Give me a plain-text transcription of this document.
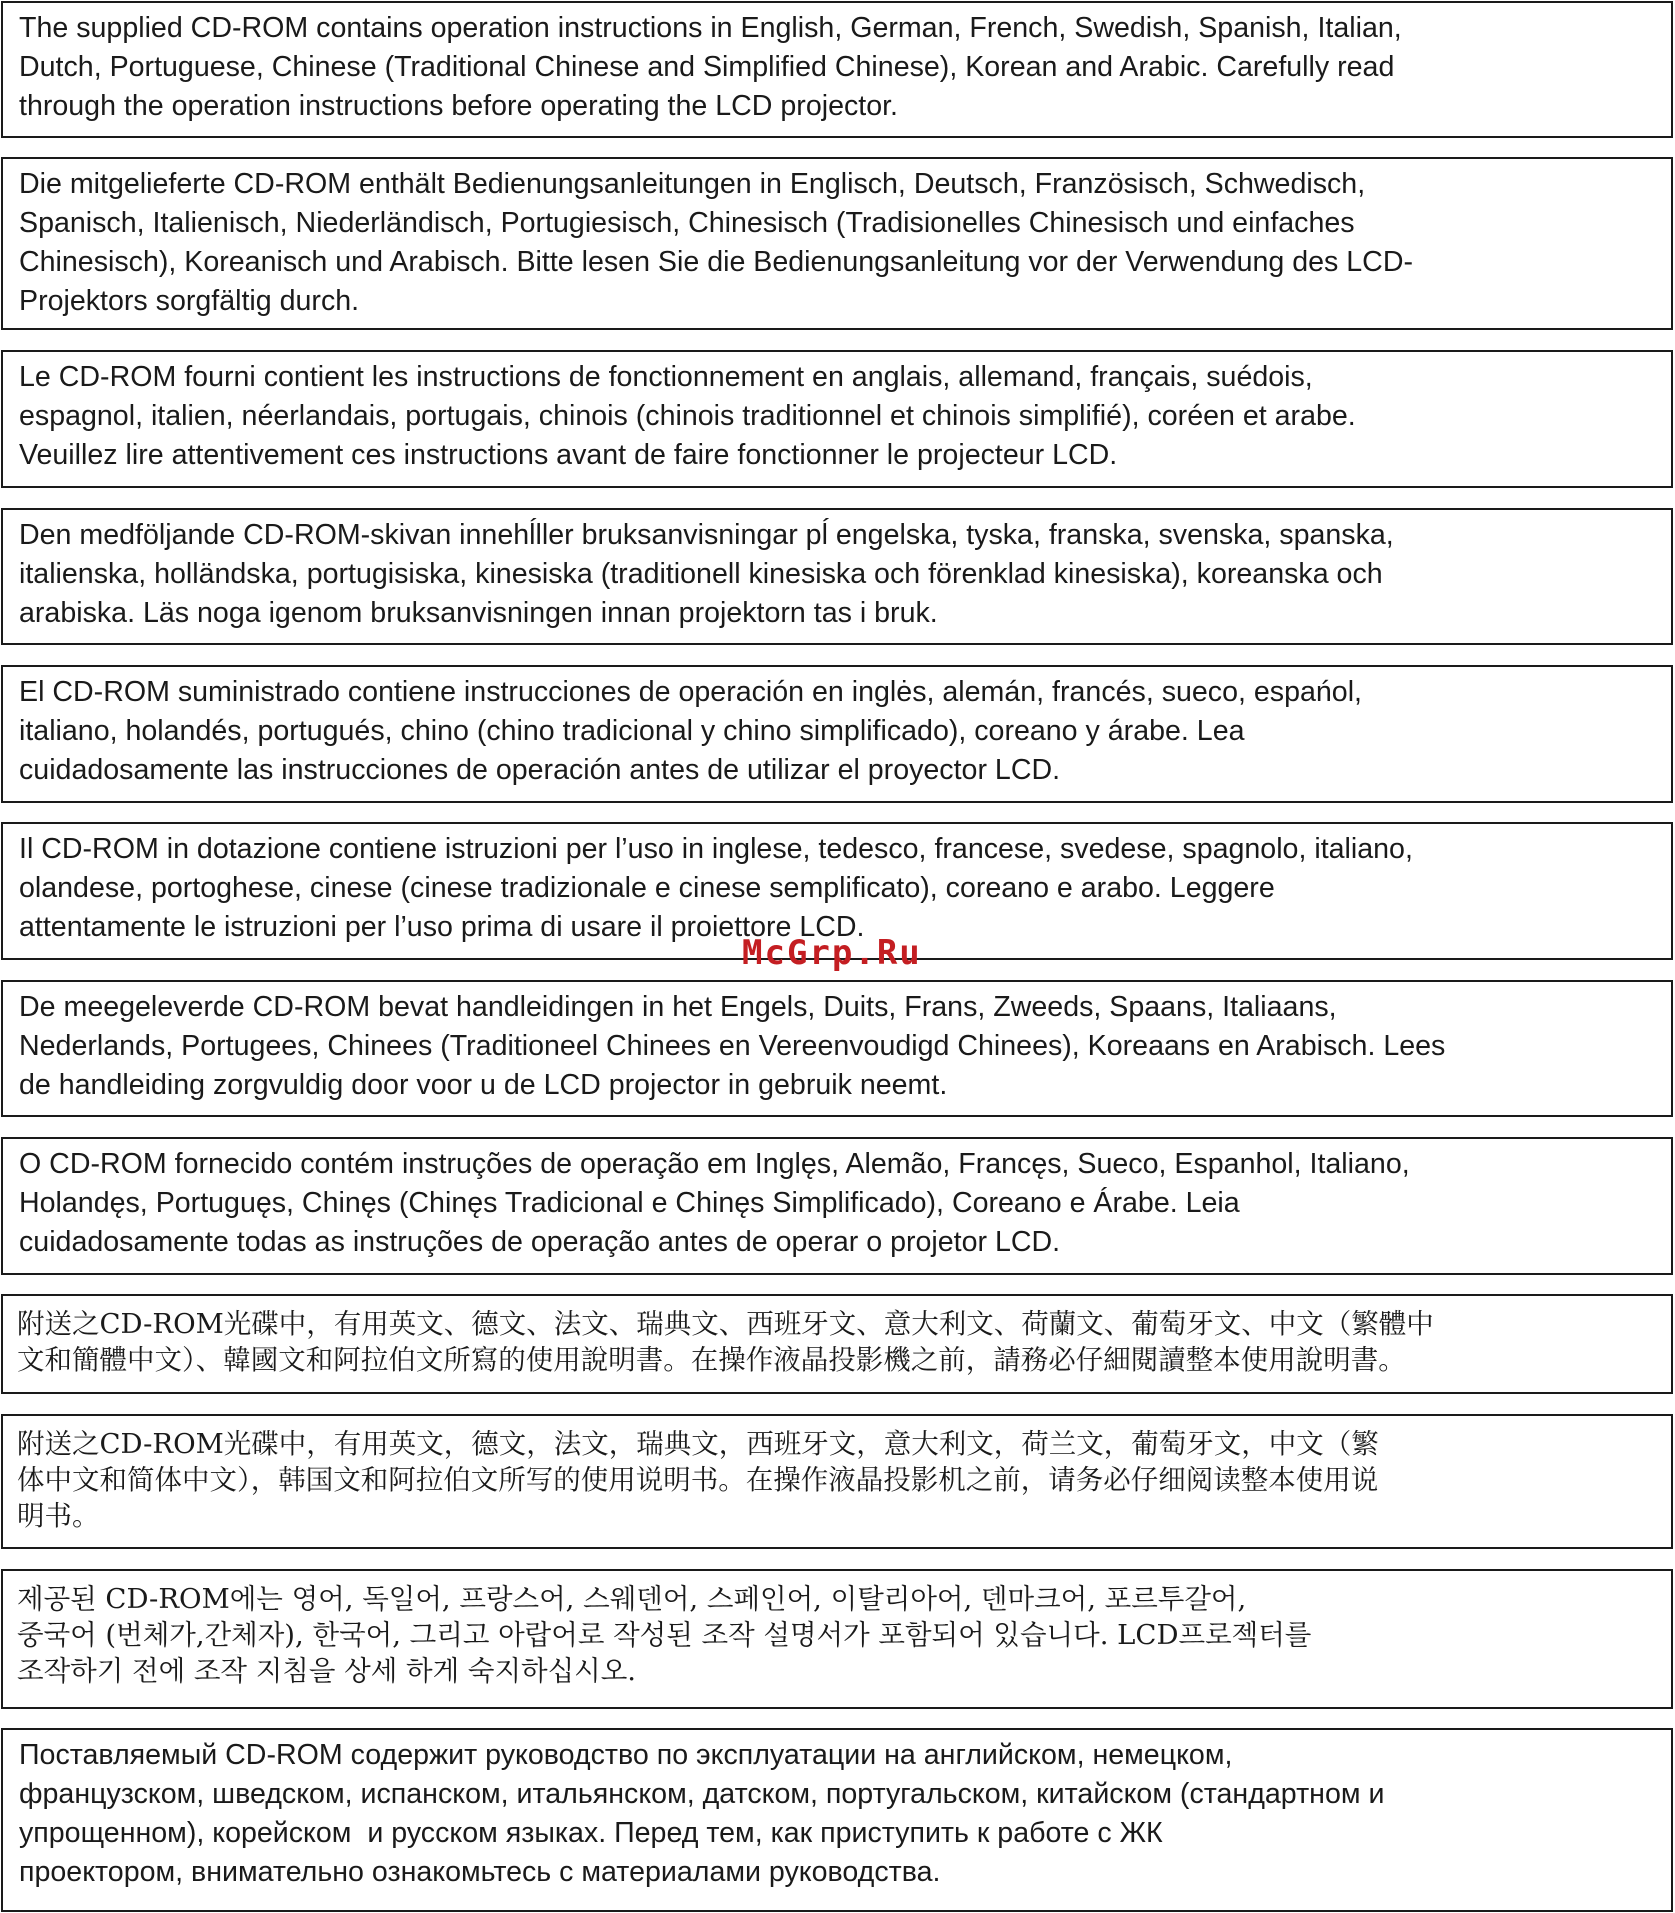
The supplied CD-ROM contains operation instructions in English, German, French, Swedish, Spanish, Italian,
Dutch, Portuguese, Chinese (Traditional Chinese and Simplified Chinese), Korean and Arabic. Carefully read
through the operation instructions before operating the LCD projector.
Die mitgelieferte CD-ROM enthält Bedienungsanleitungen in Englisch, Deutsch, Französisch, Schwedisch,
Spanisch, Italienisch, Niederländisch, Portugiesisch, Chinesisch (Tradisionelles Chinesisch und einfaches
Chinesisch), Koreanisch und Arabisch. Bitte lesen Sie die Bedienungsanleitung vor der Verwendung des LCD-
Projektors sorgfältig durch.
Le CD-ROM fourni contient les instructions de fonctionnement en anglais, allemand, français, suédois,
espagnol, italien, néerlandais, portugais, chinois (chinois traditionnel et chinois simplifié), coréen et arabe.
Veuillez lire attentivement ces instructions avant de faire fonctionner le projecteur LCD.
Den medföljande CD-ROM-skivan innehĺller bruksanvisningar pĺ engelska, tyska, franska, svenska, spanska,
italienska, holländska, portugisiska, kinesiska (traditionell kinesiska och förenklad kinesiska), koreanska och
arabiska. Läs noga igenom bruksanvisningen innan projektorn tas i bruk.
El CD-ROM suministrado contiene instrucciones de operación en inglės, alemán, francés, sueco, espańol,
italiano, holandés, portugués, chino (chino tradicional y chino simplificado), coreano y árabe. Lea
cuidadosamente las instrucciones de operación antes de utilizar el proyector LCD.
Il CD-ROM in dotazione contiene istruzioni per l’uso in inglese, tedesco, francese, svedese, spagnolo, italiano,
olandese, portoghese, cinese (cinese tradizionale e cinese semplificato), coreano e arabo. Leggere
attentamente le istruzioni per l’uso prima di usare il proiettore LCD.
De meegeleverde CD-ROM bevat handleidingen in het Engels, Duits, Frans, Zweeds, Spaans, Italiaans,
Nederlands, Portugees, Chinees (Traditioneel Chinees en Vereenvoudigd Chinees), Koreaans en Arabisch. Lees
de handleiding zorgvuldig door voor u de LCD projector in gebruik neemt.
O CD-ROM fornecido contém instruções de operação em Inglęs, Alemão, Francęs, Sueco, Espanhol, Italiano,
Holandęs, Portuguęs, Chinęs (Chinęs Tradicional e Chinęs Simplificado), Coreano e Árabe. Leia
cuidadosamente todas as instruções de operação antes de operar o projetor LCD.
附送之CD-ROM光碟中，有用英文、德文、法文、瑞典文、西班牙文、意大利文、荷蘭文、葡萄牙文、中文（繁體中
文和簡體中文）、韓國文和阿拉伯文所寫的使用說明書。在操作液晶投影機之前，請務必仔細閱讀整本使用說明書。
附送之CD-ROM光碟中，有用英文，德文，法文，瑞典文，西班牙文，意大利文，荷兰文，葡萄牙文，中文（繁
体中文和简体中文），韩国文和阿拉伯文所写的使用说明书。在操作液晶投影机之前，请务必仔细阅读整本使用说
明书。
제공된 CD-ROM에는 영어, 독일어, 프랑스어, 스웨덴어, 스페인어, 이탈리아어, 덴마크어, 포르투갈어,
중국어 (번체가,간체자), 한국어, 그리고 아랍어로 작성된 조작 설명서가 포함되어 있습니다. LCD프로젝터를
조작하기 전에 조작 지침을 상세 하게 숙지하십시오.
Поставляемый CD-ROM содержит руководство по эксплуатации на английском, немецком,
французском, шведском, испанском, итальянском, датском, португальском, китайском (стандартном и
упрощенном), корейском  и русском языках. Перед тем, как приступить к работе с ЖК
проектором, внимательно ознакомьтесь с материалами руководства.
McGrp.Ru
